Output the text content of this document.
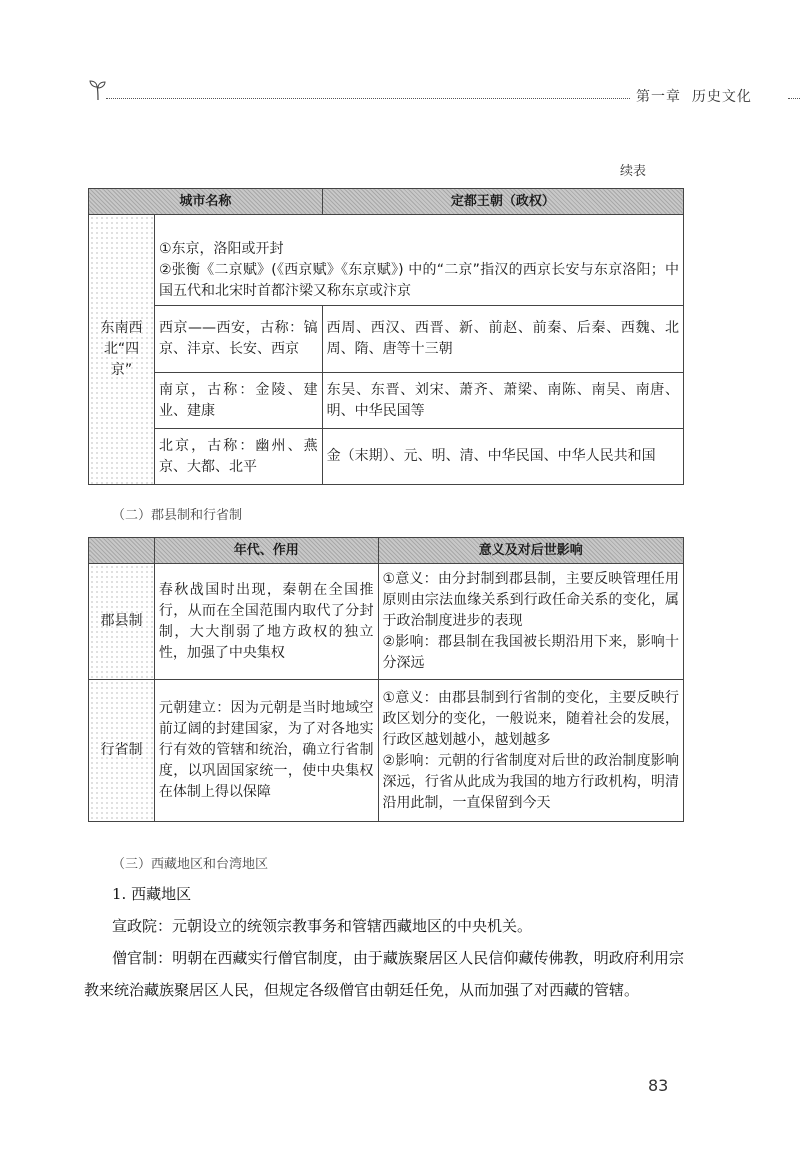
第一章 历史文化
续表
城市名称		定都王朝（政权）
东南西北“四京”	①东京，洛阳或开封
②张衡《二京赋》(《西京赋》《东京赋》) 中的“二京”指汉的西京长安与东京洛阳；中国五代和北宋时首都汴梁又称东京或汴京	

	西京——西安，古称：镐京、沣京、长安、西京	西周、西汉、西晋、新、前赵、前秦、后秦、西魏、北周、隋、唐等十三朝
	南京，古称：金陵、建业、建康	东吴、东晋、刘宋、萧齐、萧梁、南陈、南吴、南唐、明、中华民国等
	北京，古称：幽州、燕京、大都、北平	金（末期）、元、明、清、中华民国、中华人民共和国
（二）郡县制和行省制
	年代、作用	意义及对后世影响
郡县制	春秋战国时出现，秦朝在全国推行，从而在全国范围内取代了分封制，大大削弱了地方政权的独立性，加强了中央集权	①意义：由分封制到郡县制，主要反映管理任用原则由宗法血缘关系到行政任命关系的变化，属于政治制度进步的表现
②影响：郡县制在我国被长期沿用下来，影响十分深远
行省制	元朝建立：因为元朝是当时地域空前辽阔的封建国家，为了对各地实行有效的管辖和统治，确立行省制度，以巩固国家统一，使中央集权在体制上得以保障	①意义：由郡县制到行省制的变化，主要反映行政区划分的变化，一般说来，随着社会的发展，行政区越划越小，越划越多
②影响：元朝的行省制度对后世的政治制度影响深远，行省从此成为我国的地方行政机构，明清沿用此制，一直保留到今天
（三）西藏地区和台湾地区
1. 西藏地区
宣政院：元朝设立的统领宗教事务和管辖西藏地区的中央机关。
僧官制：明朝在西藏实行僧官制度，由于藏族聚居区人民信仰藏传佛教，明政府利用宗教来统治藏族聚居区人民，但规定各级僧官由朝廷任免，从而加强了对西藏的管辖。
83
